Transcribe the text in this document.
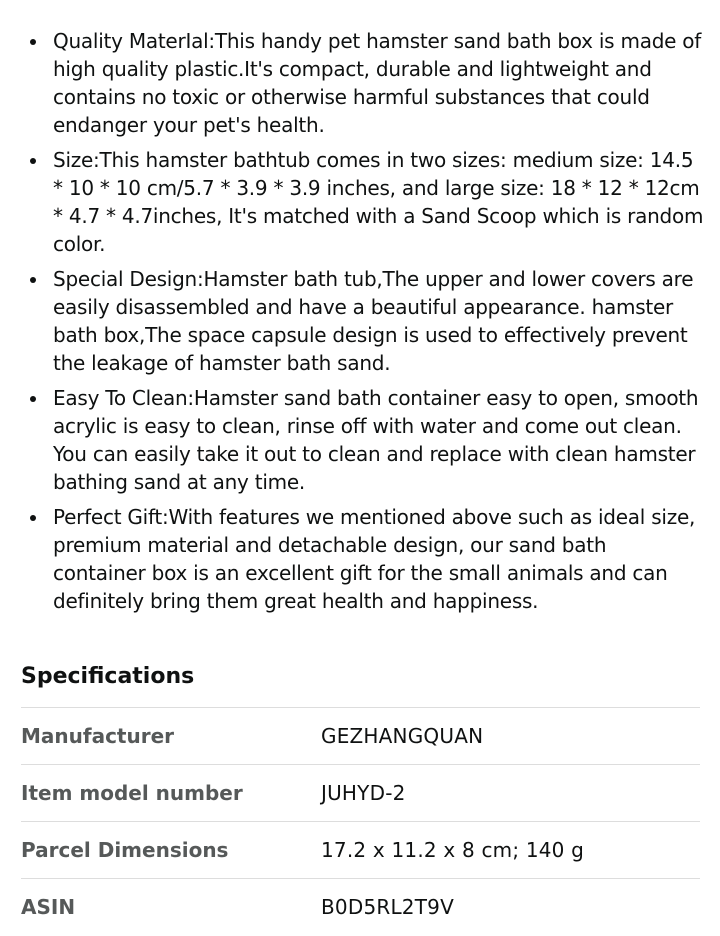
Quality MaterIal:This handy pet hamster sand bath box is made of high quality plastic.It's compact, durable and lightweight and contains no toxic or otherwise harmful substances that could endanger your pet's health.
Size:This hamster bathtub comes in two sizes: medium size: 14.5 * 10 * 10 cm/5.7 * 3.9 * 3.9 inches, and large size: 18 * 12 * 12cm * 4.7 * 4.7inches, It's matched with a Sand Scoop which is random color.
Special Design:Hamster bath tub,The upper and lower covers are easily disassembled and have a beautiful appearance. hamster bath box,The space capsule design is used to effectively prevent the leakage of hamster bath sand.
Easy To Clean:Hamster sand bath container easy to open, smooth acrylic is easy to clean, rinse off with water and come out clean. You can easily take it out to clean and replace with clean hamster bathing sand at any time.
Perfect Gift:With features we mentioned above such as ideal size, premium material and detachable design, our sand bath container box is an excellent gift for the small animals and can definitely bring them great health and happiness.
Specifications
Manufacturer	GEZHANGQUAN
Item model number	JUHYD-2
Parcel Dimensions	17.2 x 11.2 x 8 cm; 140 g
ASIN	B0D5RL2T9V
